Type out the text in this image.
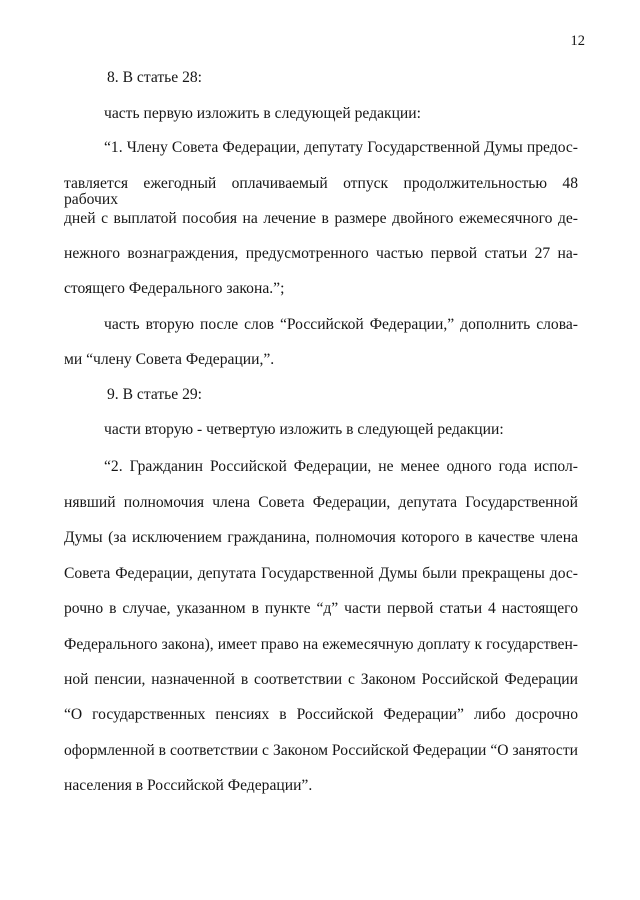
12
8. В статье 28:
часть первую изложить в следующей редакции:
“1. Члену Совета Федерации, депутату Государственной Думы предос-
тавляется ежегодный оплачиваемый отпуск продолжительностью 48 рабочих
дней с выплатой пособия на лечение в размере двойного ежемесячного де-
нежного вознаграждения, предусмотренного частью первой статьи 27 на-
стоящего Федерального закона.”;
часть вторую после слов “Российской Федерации,” дополнить слова-
ми “члену Совета Федерации,”.
9. В статье 29:
части вторую - четвертую изложить в следующей редакции:
“2. Гражданин Российской Федерации, не менее одного года испол-
нявший полномочия члена Совета Федерации, депутата Государственной
Думы (за исключением гражданина, полномочия которого в качестве члена
Совета Федерации, депутата Государственной Думы были прекращены дос-
рочно в случае, указанном в пункте “д” части первой статьи 4 настоящего
Федерального закона), имеет право на ежемесячную доплату к государствен-
ной пенсии, назначенной в соответствии с Законом Российской Федерации
“О государственных пенсиях в Российской Федерации” либо досрочно
оформленной в соответствии с Законом Российской Федерации “О занятости
населения в Российской Федерации”.
